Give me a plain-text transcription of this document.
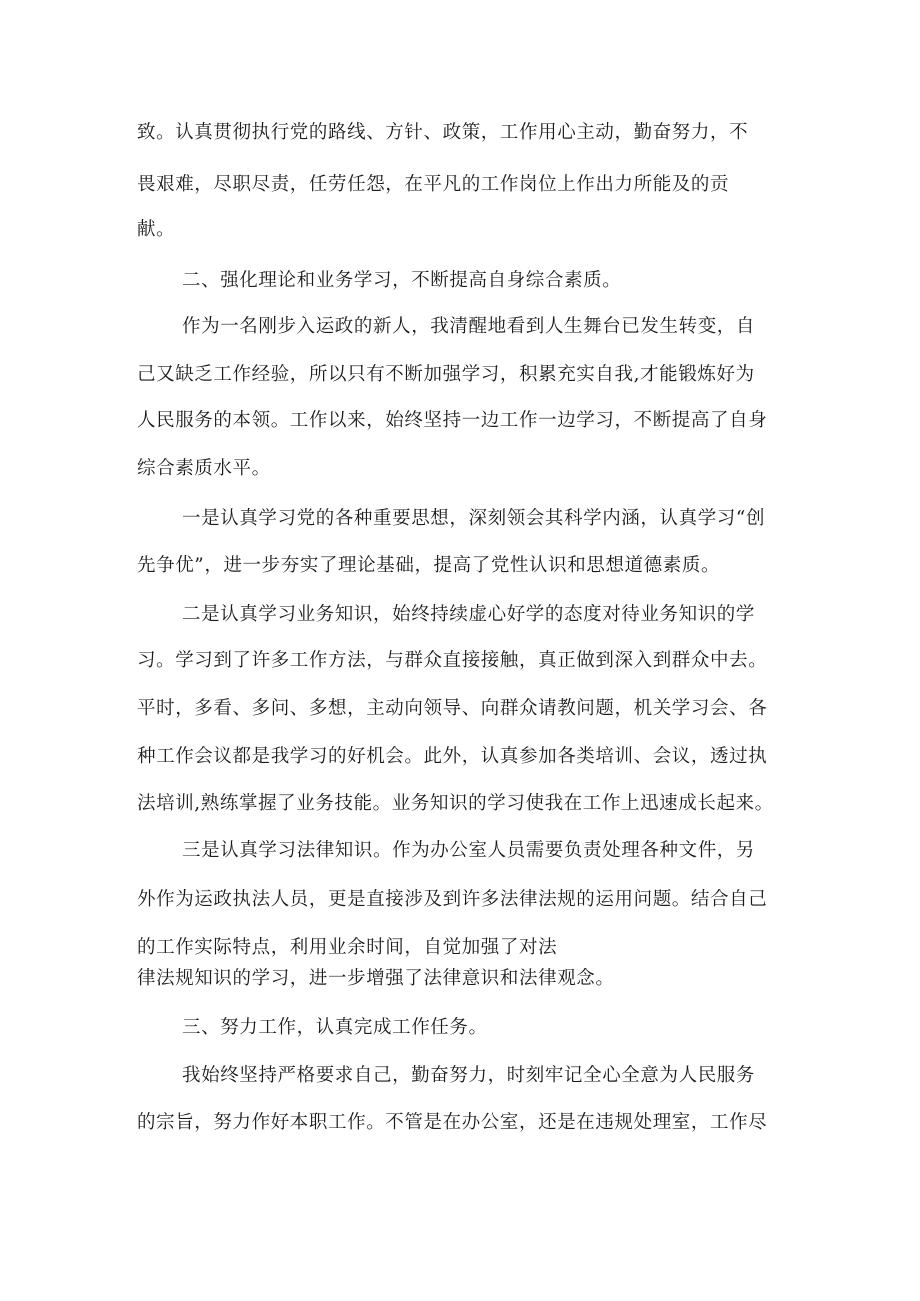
致。认真贯彻执行党的路线、方针、政策，工作用心主动，勤奋努力，不
畏艰难，尽职尽责，任劳任怨，在平凡的工作岗位上作出力所能及的贡
献。
二、强化理论和业务学习，不断提高自身综合素质。
作为一名刚步入运政的新人，我清醒地看到人生舞台已发生转变，自
己又缺乏工作经验，所以只有不断加强学习，积累充实自我,才能锻炼好为
人民服务的本领。工作以来，始终坚持一边工作一边学习，不断提高了自身
综合素质水平。
一是认真学习党的各种重要思想，深刻领会其科学内涵，认真学习“创
先争优”，进一步夯实了理论基础，提高了党性认识和思想道德素质。
二是认真学习业务知识，始终持续虚心好学的态度对待业务知识的学
习。学习到了许多工作方法，与群众直接接触，真正做到深入到群众中去。
平时，多看、多问、多想，主动向领导、向群众请教问题，机关学习会、各
种工作会议都是我学习的好机会。此外，认真参加各类培训、会议，透过执
法培训,熟练掌握了业务技能。业务知识的学习使我在工作上迅速成长起来。
三是认真学习法律知识。作为办公室人员需要负责处理各种文件，另
外作为运政执法人员，更是直接涉及到许多法律法规的运用问题。结合自己
的工作实际特点，利用业余时间，自觉加强了对法
律法规知识的学习，进一步增强了法律意识和法律观念。
三、努力工作，认真完成工作任务。
我始终坚持严格要求自己，勤奋努力，时刻牢记全心全意为人民服务
的宗旨，努力作好本职工作。不管是在办公室，还是在违规处理室，工作尽
